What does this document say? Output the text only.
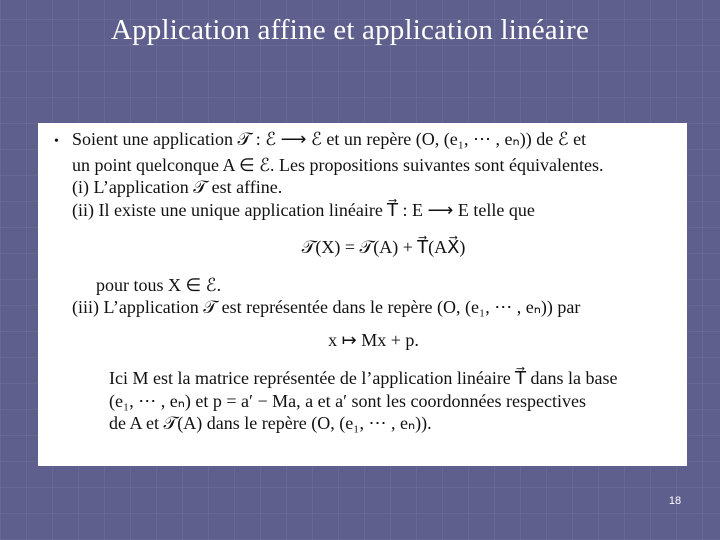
Application affine et application linéaire
• Soient une application 𝒯 : ℰ ⟶ ℰ et un repère (O, (e₁, ⋯ , eₙ)) de ℰ et
un point quelconque A ∈ ℰ. Les propositions suivantes sont équivalentes.
(i) L’application 𝒯 est affine.
(ii) Il existe une unique application linéaire T⃗ : E ⟶ E telle que
𝒯(X) = 𝒯(A) + T⃗(AX⃗)
pour tous X ∈ ℰ.
(iii) L’application 𝒯 est représentée dans le repère (O, (e₁, ⋯ , eₙ)) par
x ↦ Mx + p.
Ici M est la matrice représentée de l’application linéaire T⃗ dans la base
(e₁, ⋯ , eₙ) et p = a′ − Ma, a et a′ sont les coordonnées respectives
de A et 𝒯(A) dans le repère (O, (e₁, ⋯ , eₙ)).
18
